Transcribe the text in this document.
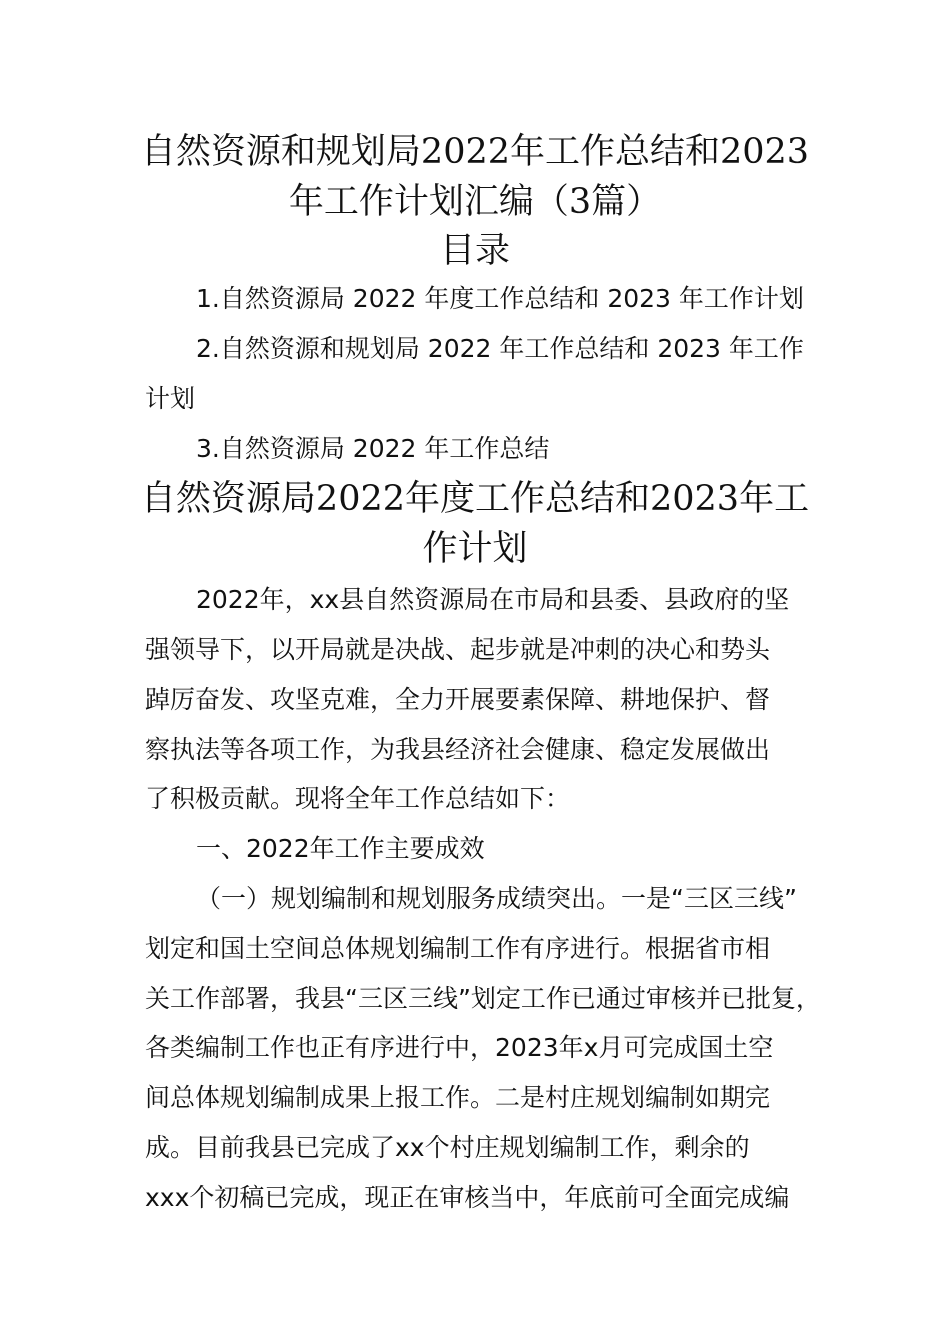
自然资源和规划局2022年工作总结和2023
年工作计划汇编（3篇）
目录
1.自然资源局 2022 年度工作总结和 2023 年工作计划
2.自然资源和规划局 2022 年工作总结和 2023 年工作
计划
3.自然资源局 2022 年工作总结
自然资源局2022年度工作总结和2023年工
作计划
2022年，xx县自然资源局在市局和县委、县政府的坚
强领导下，以开局就是决战、起步就是冲刺的决心和势头
踔厉奋发、攻坚克难，全力开展要素保障、耕地保护、督
察执法等各项工作，为我县经济社会健康、稳定发展做出
了积极贡献。现将全年工作总结如下：
一、2022年工作主要成效
（一）规划编制和规划服务成绩突出。一是“三区三线”
划定和国土空间总体规划编制工作有序进行。根据省市相
关工作部署，我县“三区三线”划定工作已通过审核并已批复，
各类编制工作也正有序进行中，2023年x月可完成国土空
间总体规划编制成果上报工作。二是村庄规划编制如期完
成。目前我县已完成了xx个村庄规划编制工作，剩余的
xxx个初稿已完成，现正在审核当中，年底前可全面完成编
